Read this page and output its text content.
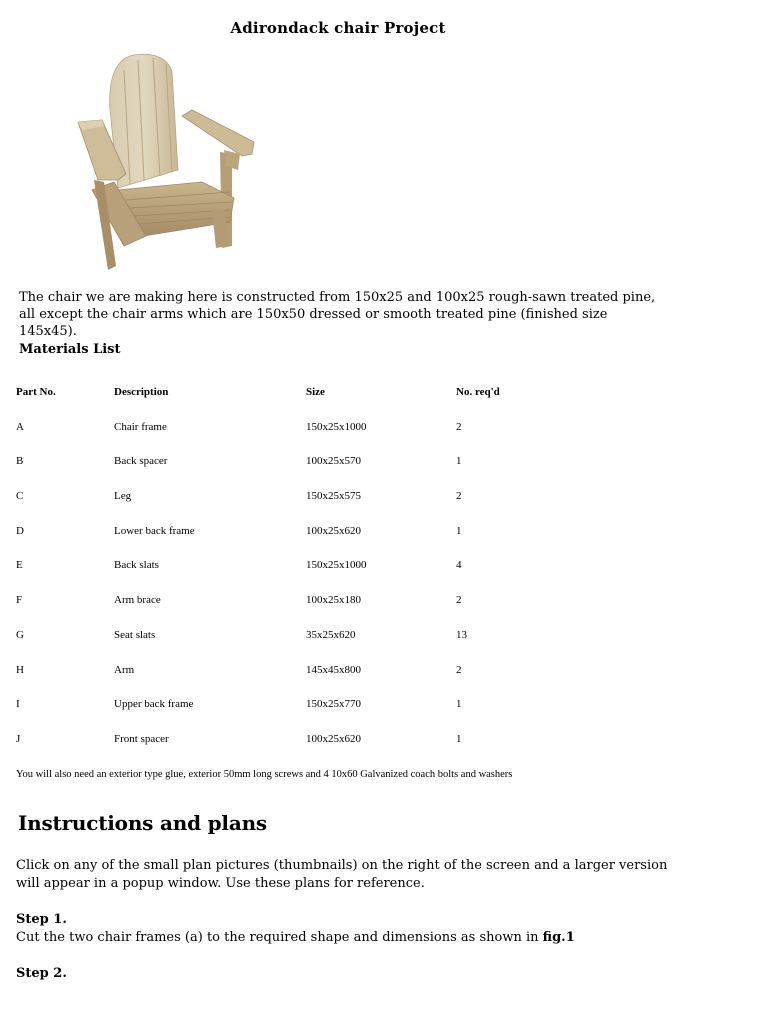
Adirondack chair Project
The chair we are making here is constructed from 150x25 and 100x25 rough-sawn treated pine, all except the chair arms which are 150x50 dressed or smooth treated pine (finished size 145x45).
Materials List
Part No.	Description	Size	No. req'd
A	Chair frame	150x25x1000	2
B	Back spacer	100x25x570	1
C	Leg	150x25x575	2
D	Lower back frame	100x25x620	1
E	Back slats	150x25x1000	4
F	Arm brace	100x25x180	2
G	Seat slats	35x25x620	13
H	Arm	145x45x800	2
I	Upper back frame	150x25x770	1
J	Front spacer	100x25x620	1
You will also need an exterior type glue, exterior 50mm long screws and 4 10x60 Galvanized coach bolts and washers
Instructions and plans
Click on any of the small plan pictures (thumbnails) on the right of the screen and a larger version will appear in a popup window. Use these plans for reference.
Step 1.
Cut the two chair frames (a) to the required shape and dimensions as shown in fig.1
Step 2.
